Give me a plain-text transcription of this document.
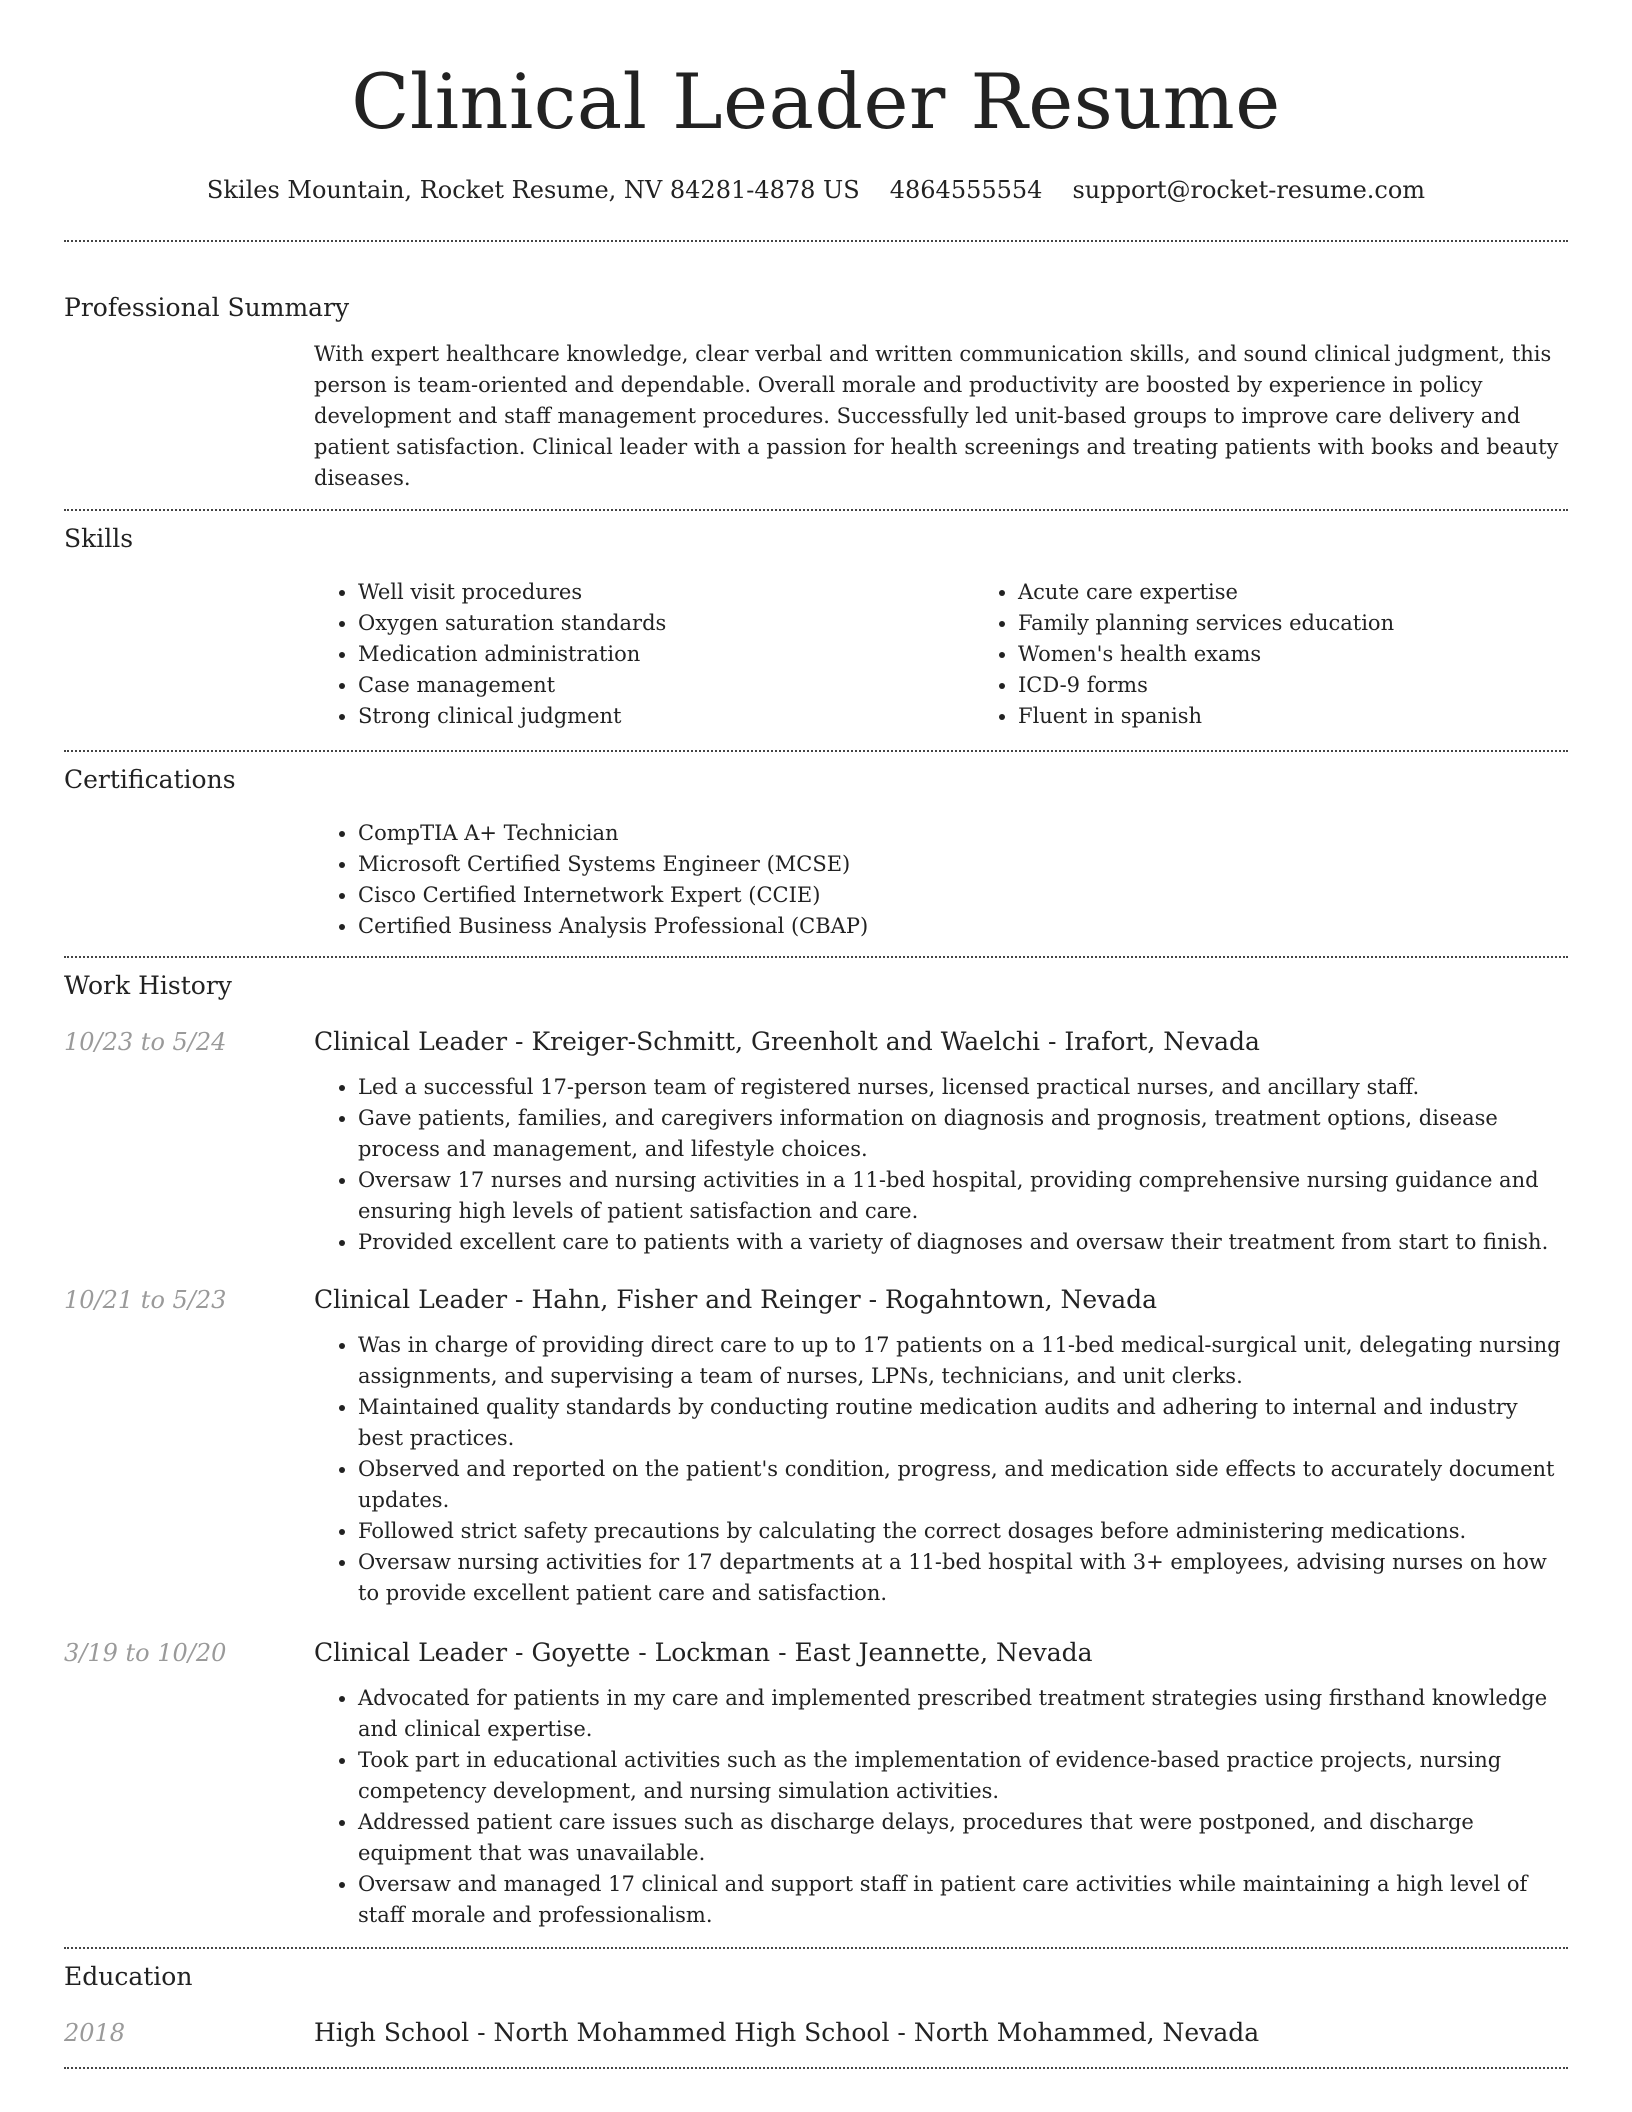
Clinical Leader Resume
Skiles Mountain, Rocket Resume, NV 84281-4878 US 4864555554 support@rocket-resume.com
Professional Summary

With expert healthcare knowledge, clear verbal and written communication skills, and sound clinical judgment, this person is team-oriented and dependable. Overall morale and productivity are boosted by experience in policy development and staff management procedures. Successfully led unit-based groups to improve care delivery and patient satisfaction. Clinical leader with a passion for health screenings and treating patients with books and beauty diseases.

Skills
• Well visit procedures
• Oxygen saturation standards
• Medication administration
• Case management
• Strong clinical judgment
• Acute care expertise
• Family planning services education
• Women's health exams
• ICD-9 forms
• Fluent in spanish
Certifications
• CompTIA A+ Technician
• Microsoft Certified Systems Engineer (MCSE)
• Cisco Certified Internetwork Expert (CCIE)
• Certified Business Analysis Professional (CBAP)
Work History
10/23 to 5/24	Clinical Leader - Kreiger-Schmitt, Greenholt and Waelchi - Irafort, Nevada
• Led a successful 17-person team of registered nurses, licensed practical nurses, and ancillary staff.
• Gave patients, families, and caregivers information on diagnosis and prognosis, treatment options, disease process and management, and lifestyle choices.
• Oversaw 17 nurses and nursing activities in a 11-bed hospital, providing comprehensive nursing guidance and ensuring high levels of patient satisfaction and care.
• Provided excellent care to patients with a variety of diagnoses and oversaw their treatment from start to finish.
10/21 to 5/23	Clinical Leader - Hahn, Fisher and Reinger - Rogahntown, Nevada
• Was in charge of providing direct care to up to 17 patients on a 11-bed medical-surgical unit, delegating nursing assignments, and supervising a team of nurses, LPNs, technicians, and unit clerks.
• Maintained quality standards by conducting routine medication audits and adhering to internal and industry best practices.
• Observed and reported on the patient's condition, progress, and medication side effects to accurately document updates.
• Followed strict safety precautions by calculating the correct dosages before administering medications.
• Oversaw nursing activities for 17 departments at a 11-bed hospital with 3+ employees, advising nurses on how to provide excellent patient care and satisfaction.
3/19 to 10/20	Clinical Leader - Goyette - Lockman - East Jeannette, Nevada
• Advocated for patients in my care and implemented prescribed treatment strategies using firsthand knowledge and clinical expertise.
• Took part in educational activities such as the implementation of evidence-based practice projects, nursing competency development, and nursing simulation activities.
• Addressed patient care issues such as discharge delays, procedures that were postponed, and discharge equipment that was unavailable.
• Oversaw and managed 17 clinical and support staff in patient care activities while maintaining a high level of staff morale and professionalism.
Education
2018	High School - North Mohammed High School - North Mohammed, Nevada
